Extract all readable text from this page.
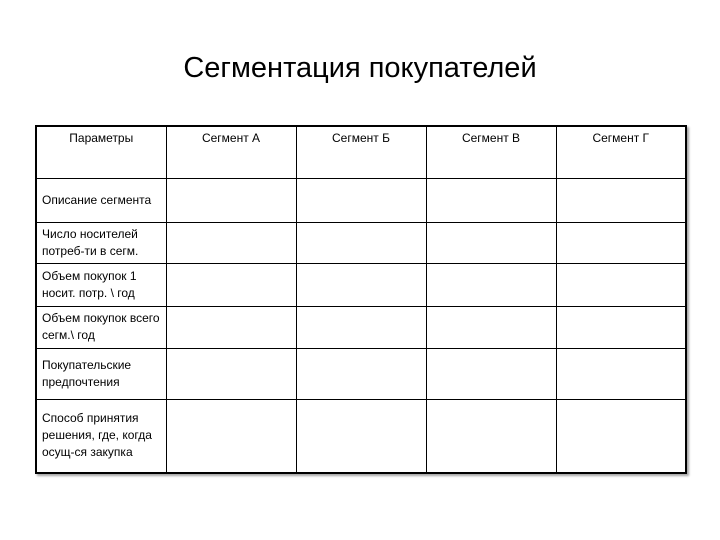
Сегментация покупателей
Параметры	Сегмент А	Сегмент Б	Сегмент В	Сегмент Г
Описание сегмента				
Число носителей потреб-ти в сегм.				
Объем покупок 1 носит. потр. \ год				
Объем покупок всего сегм.\ год				
Покупательские предпочтения				
Способ принятия решения, где, когда осущ-ся закупка				
